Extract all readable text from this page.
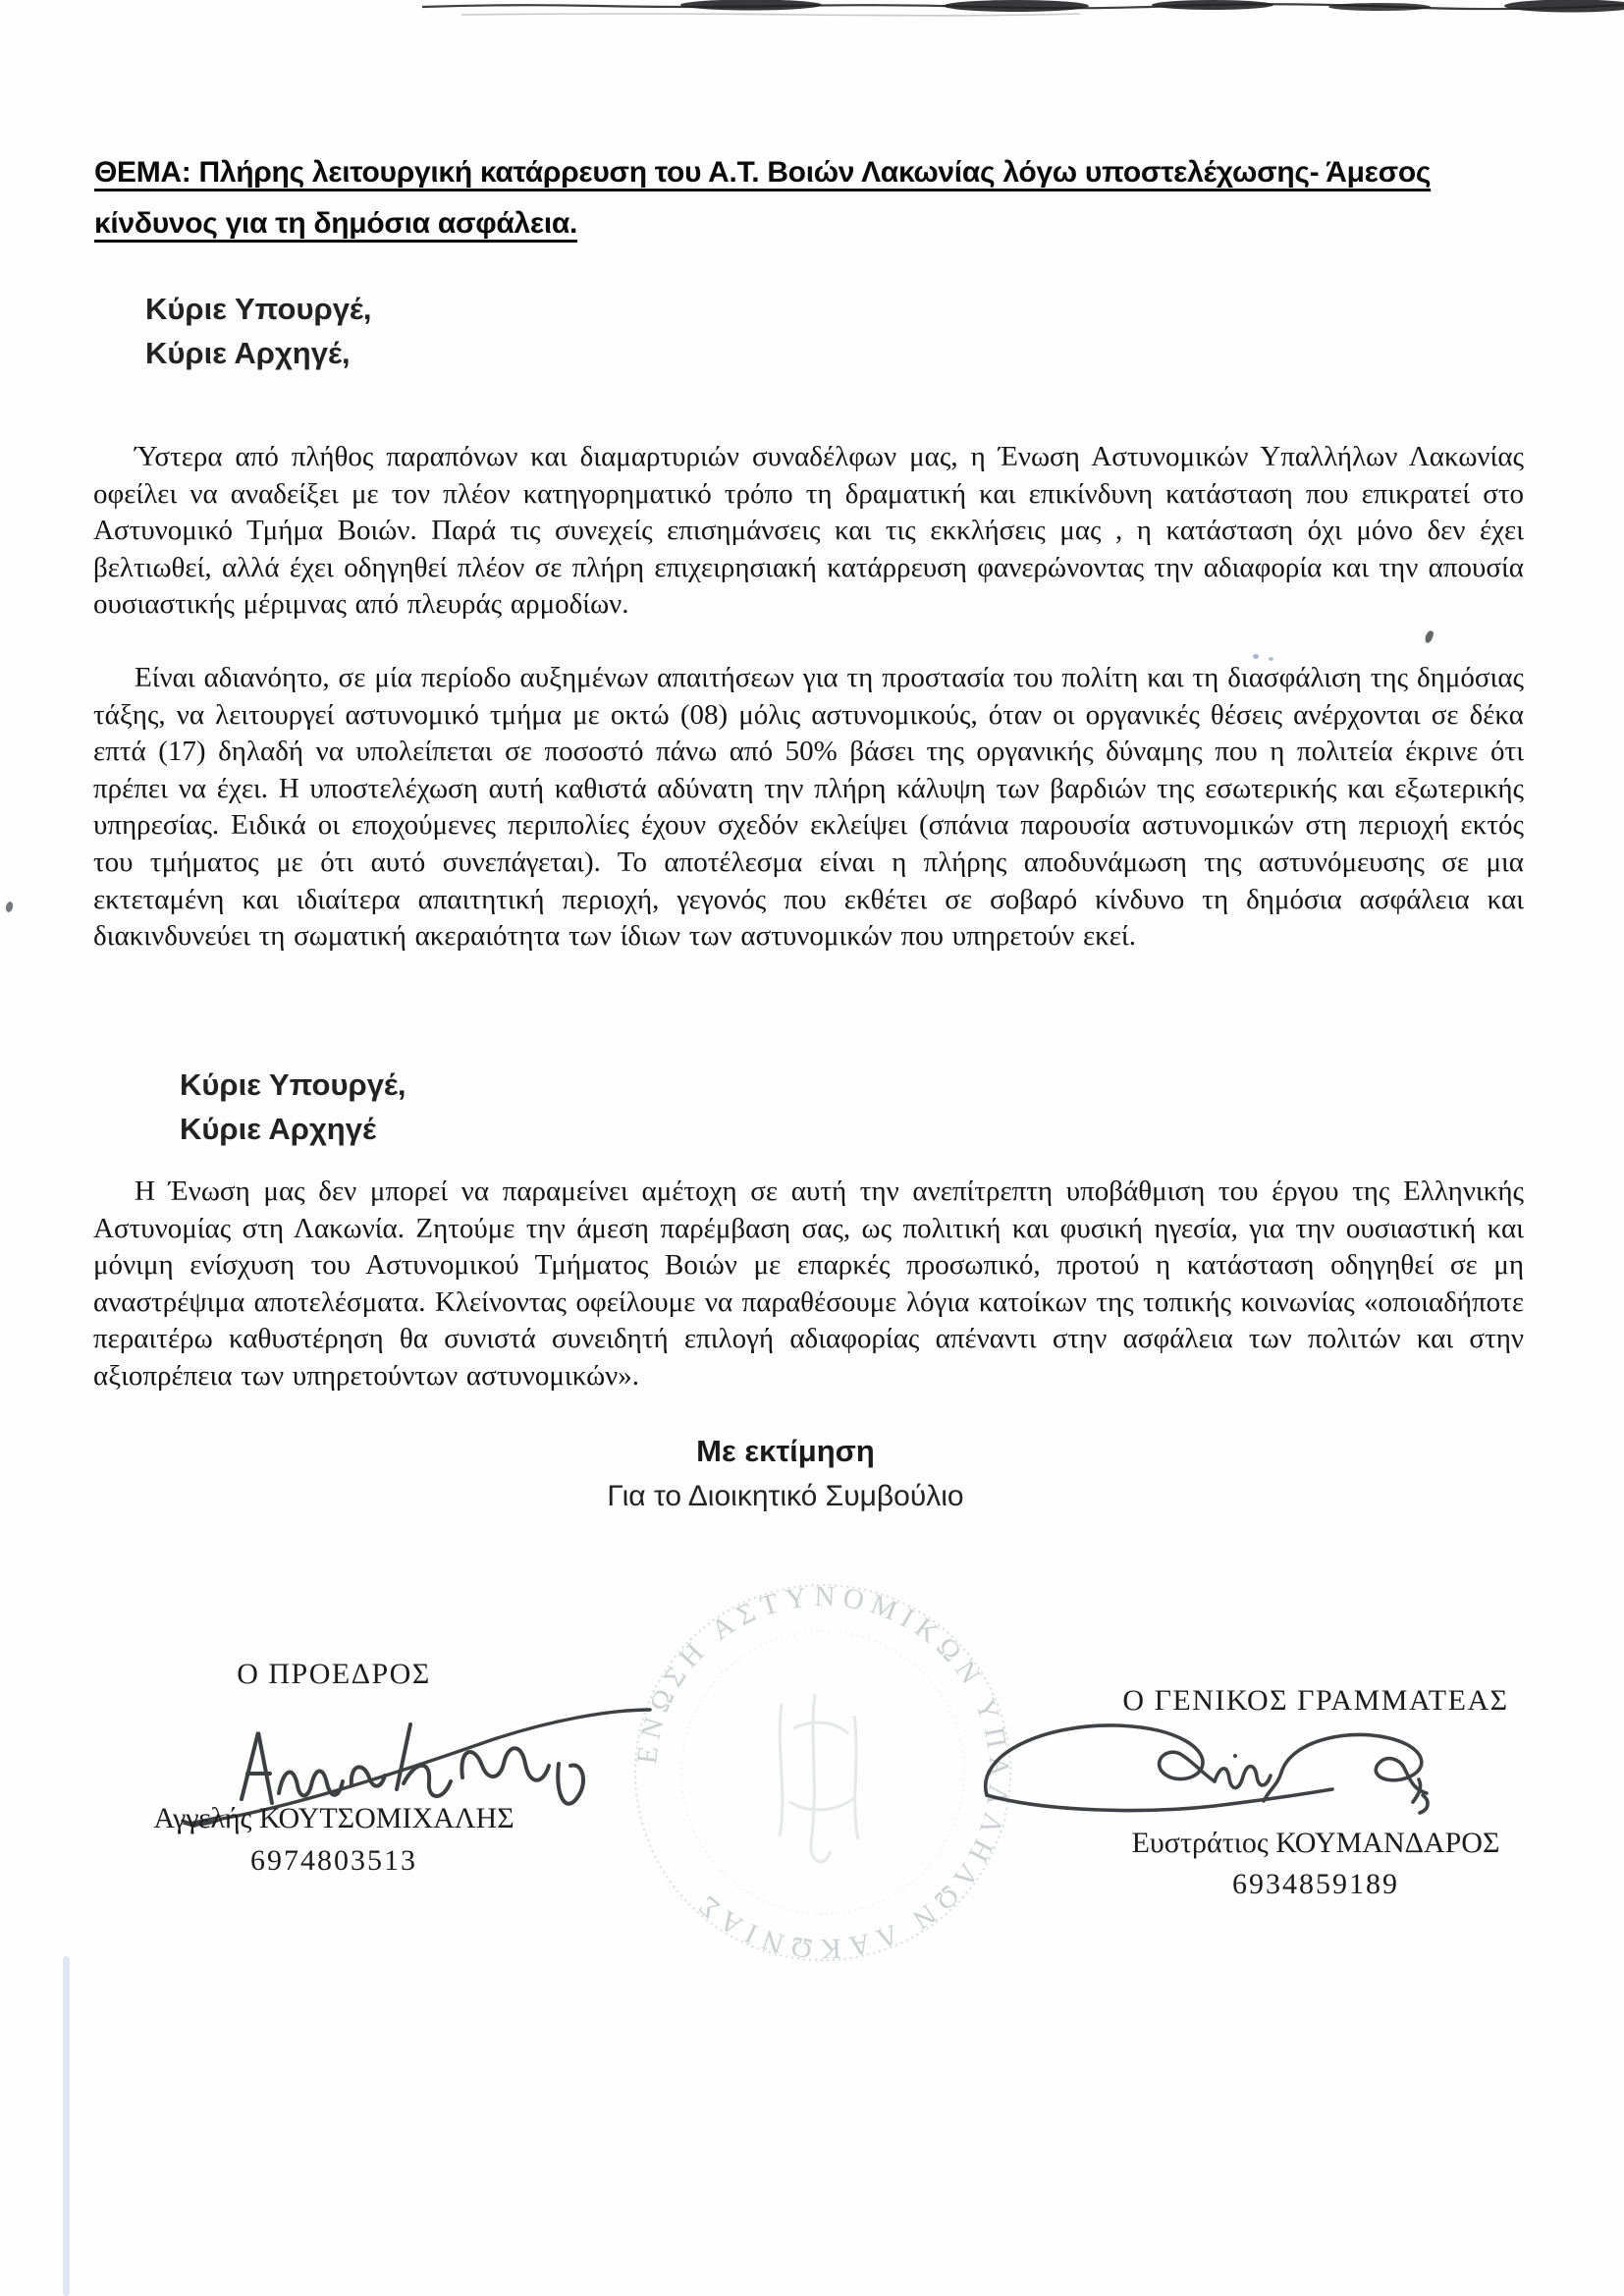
ΘΕΜΑ: Πλήρης λειτουργική κατάρρευση του Α.Τ. Βοιών Λακωνίας λόγω υποστελέχωσης- Άμεσος
κίνδυνος για τη δημόσια ασφάλεια.
Κύριε Υπουργέ,
Κύριε Αρχηγέ,
Ύστερα από πλήθος παραπόνων και διαμαρτυριών συναδέλφων μας, η Ένωση Αστυνομικών Υπαλλήλων Λακωνίας οφείλει να αναδείξει με τον πλέον κατηγορηματικό τρόπο τη δραματική και επικίνδυνη κατάσταση που επικρατεί στο Αστυνομικό Τμήμα Βοιών. Παρά τις συνεχείς επισημάνσεις και τις εκκλήσεις μας , η κατάσταση όχι μόνο δεν έχει βελτιωθεί, αλλά έχει οδηγηθεί πλέον σε πλήρη επιχειρησιακή κατάρρευση φανερώνοντας την αδιαφορία και την απουσία ουσιαστικής μέριμνας από πλευράς αρμοδίων.
Είναι αδιανόητο, σε μία περίοδο αυξημένων απαιτήσεων για τη προστασία του πολίτη και τη διασφάλιση της δημόσιας τάξης, να λειτουργεί αστυνομικό τμήμα με οκτώ (08) μόλις αστυνομικούς, όταν οι οργανικές θέσεις ανέρχονται σε δέκα επτά (17) δηλαδή να υπολείπεται σε ποσοστό πάνω από 50% βάσει της οργανικής δύναμης που η πολιτεία έκρινε ότι πρέπει να έχει. Η υποστελέχωση αυτή καθιστά αδύνατη την πλήρη κάλυψη των βαρδιών της εσωτερικής και εξωτερικής υπηρεσίας. Ειδικά οι εποχούμενες περιπολίες έχουν σχεδόν εκλείψει (σπάνια παρουσία αστυνομικών στη περιοχή εκτός του τμήματος με ότι αυτό συνεπάγεται). Το αποτέλεσμα είναι η πλήρης αποδυνάμωση της αστυνόμευσης σε μια εκτεταμένη και ιδιαίτερα απαιτητική περιοχή, γεγονός που εκθέτει σε σοβαρό κίνδυνο τη δημόσια ασφάλεια και διακινδυνεύει τη σωματική ακεραιότητα των ίδιων των αστυνομικών που υπηρετούν εκεί.
Κύριε Υπουργέ,
Κύριε Αρχηγέ
Η Ένωση μας δεν μπορεί να παραμείνει αμέτοχη σε αυτή την ανεπίτρεπτη υποβάθμιση του έργου της Ελληνικής Αστυνομίας στη Λακωνία. Ζητούμε την άμεση παρέμβαση σας, ως πολιτική και φυσική ηγεσία, για την ουσιαστική και μόνιμη ενίσχυση του Αστυνομικού Τμήματος Βοιών με επαρκές προσωπικό, προτού η κατάσταση οδηγηθεί σε μη αναστρέψιμα αποτελέσματα. Κλείνοντας οφείλουμε να παραθέσουμε λόγια κατοίκων της τοπικής κοινωνίας «οποιαδήποτε περαιτέρω καθυστέρηση θα συνιστά συνειδητή επιλογή αδιαφορίας απέναντι στην ασφάλεια των πολιτών και στην αξιοπρέπεια των υπηρετούντων αστυνομικών».
Με εκτίμηση
Για το Διοικητικό Συμβούλιο
ΕΝΩΣΗ ΑΣΤΥΝΟΜΙΚΩΝ ΥΠΑΛΛΗΛΩΝ ΛΑΚΩΝΙΑΣ
Ο ΠΡΟΕΔΡΟΣ
Αγγελής ΚΟΥΤΣΟΜΙΧΑΛΗΣ
6974803513
Ο ΓΕΝΙΚΟΣ ΓΡΑΜΜΑΤΕΑΣ
Ευστράτιος ΚΟΥΜΑΝΔΑΡΟΣ
6934859189
